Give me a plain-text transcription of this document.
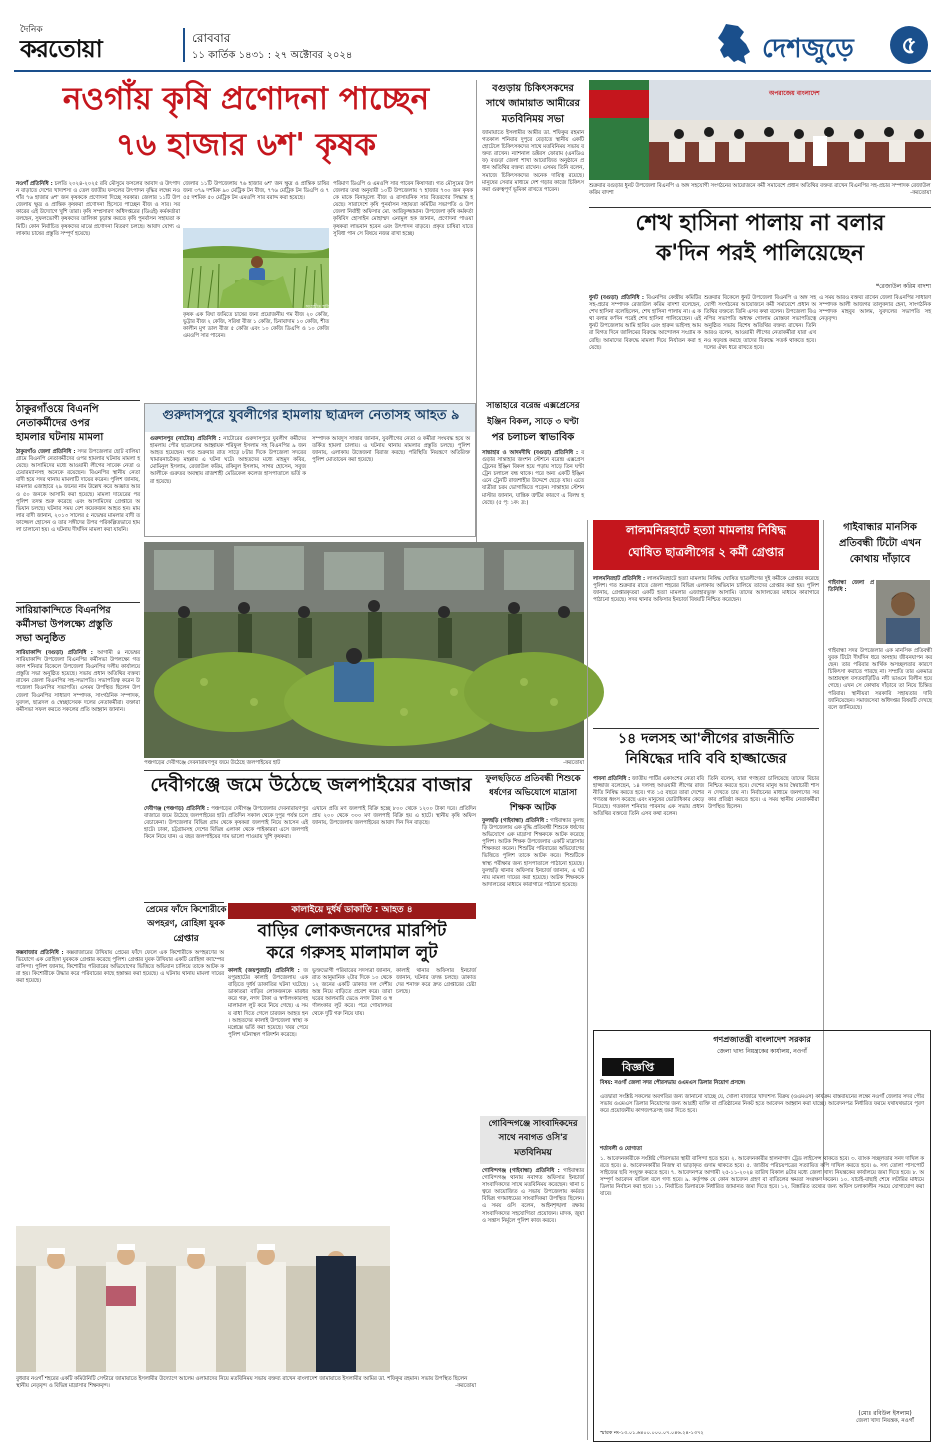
দৈনিক
করতোয়া	রোববার
১১ কার্তিক ১৪৩১ : ২৭ অক্টোবর ২০২৪	দেশজুড়ে	৫
নওগাঁয় কৃষি প্রণোদনা পাচ্ছেন
৭৬ হাজার ৬শ' কৃষক
নওগাঁ প্রতিনিধি : চলতি ২০২৪-২০২৫ রবি মৌসুমে ফসলের আবাদ ও উৎপাদন বাড়াতে দেশের খাদ্যশস্য ও তেল জাতীয় ফসলের উৎপাদন বৃদ্ধির লক্ষ্যে নওগাঁর ৭৬ হাজার ৬শ' জন কৃষককে প্রণোদনা দিচ্ছে সরকার। জেলার ১১টি উপজেলায় ক্ষুদ্র ও প্রান্তিক কৃষকরা প্রণোদনা হিসেবে পাচ্ছেন বীজ ও সার। সরকারের এই উদ্যোগে খুশি তারা। কৃষি সম্প্রসারণ অধিদপ্তরের (ডিএই) কর্মকর্তারা বলছেন, সুফলভোগী কৃষকদের তালিকা চূড়ান্ত করতে কৃষি পুনর্বাসন সহায়তা কমিটি। কোন নির্বাচিত কৃষকদের মাঝে প্রণোদনা বিতরণ চলছে। আবাদ যোগ্য এলাকায় চাষের প্রস্তুতি সম্পূর্ণ হয়েছে।
জেলার ১১টি উপজেলায় ৭৬ হাজার ৬শ' জন ক্ষুদ্র ও প্রান্তিক চাষির জন্য ৩৭৯ দশমিক ৯০ মেট্রিক টন বীজ, ৭৭৬ মেট্রিক টন ডিএপি ও ৭৫৫ দশমিক ৫০ মেট্রিক টন এমওপি সার বরাদ্দ করা হয়েছে।
সংগ্রহীত ছবি
কৃষক এক বিঘা জমিতে চাষের জন্য প্রয়োজনীয় গম বীজ ২০ কেজি, ভুট্টার বীজ ২ কেজি, সরিষা বীজ ১ কেজি, চিনাবাদাম ১০ কেজি, শীতকালীন মুগ ডাল বীজ ৫ কেজি এবং ১০ কেজি ডিএপি ও ১০ কেজি এমওপি সার পাবেন।
পরিমাণ ডিএপি ও এমওপি সার পাবেন কিষাণরা। গত মৌসুমের উপজেলার তথ্য অনুযায়ী ১০টি উপজেলায় ৭ হাজার ৭৩০ জন কৃষককে মাকে বিনামূল্যে বীজ ও রাসায়নিক সার বিতরণের সিদ্ধান্ত হয়েছে। সারাদেশে কৃষি পুনর্বাসন সহায়তা কমিটির সভাপতি ও উপজেলা নির্বাহী অফিসার মো. আরিফুজ্জামান। উপজেলা কৃষি কর্মকর্তা কৃষিবিদ হোসাইন মোহাম্মদ এনামুল হক জানান, প্রণোদনা পাওয়া কৃষকরা লাভবান হবেন এবং উৎপাদন বাড়বে। প্রকৃত চাষিরা যাতে সুবিধা পান সে বিষয়ে নজর রাখা হচ্ছে।
বগুড়ায় চিকিৎসকদের
সাথে জামায়াত আমীরের
মতবিনিময় সভা
জামায়াতে ইসলামীর আমীর ডা. শফিকুর রহমান গতকাল শনিবার দুপুরে বেড়াতে স্থানীয় একটি হোটেলে চিকিৎসকদের সাথে মতবিনিময় সভায় বক্তব্য রাখেন। ন্যাশনাল ডক্টরস ফোরাম (এনডিএফ) বগুড়া জেলা শাখা আয়োজিত অনুষ্ঠানে প্রধান অতিথির বক্তব্য রাখেন। এসময় তিনি বলেন, সমাজে চিকিৎসকদের অনেক দায়িত্ব রয়েছে। মানুষের সেবার মাধ্যমে দেশ গড়ার কাজে চিকিৎসকরা গুরুত্বপূর্ণ ভূমিকা রাখতে পারেন।
অপরাজেয় বাংলাদেশ
শুক্রবার বগুড়ার ধুনট উপজেলা বিএনপি ও অঙ্গ সহযোগী সংগঠনের আয়োজনে কর্মী সমাবেশে প্রধান অতিথির বক্তব্য রাখেন বিএনপির সহ-প্রচার সম্পাদক রেজাউল করিম বাদশা	-করতোয়া
শেখ হাসিনা পালায় না বলার
ক'দিন পরই পালিয়েছেন
❝রেজাউল করিম বাদশা
ধুনট (বগুড়া) প্রতিনিধি : বিএনপির কেন্দ্রীয় কমিটির সহ-প্রচার সম্পাদক রেজাউল করিম বাদশা বলেছেন, শেখ হাসিনা বলেছিলেন, শেখ হাসিনা পালায় না। এ কথা বলার ক'দিন পরেই শেখ হাসিনা পালিয়েছেন। এই ধুনট উপজেলায় আমি হাবিব এবং হারুন ভাইসহ আমরা বিগত দিনে জালিমের বিরুদ্ধে আন্দোলন সংগ্রাম করেছি। আমাদের বিরুদ্ধে মামলা দিয়ে নির্যাতন করা হয়েছে।
শুক্রবার বিকেলে ধুনট উপজেলা বিএনপি ও অঙ্গ সহযোগী সংগঠনের আয়োজনে কর্মী সমাবেশে প্রধান অতিথির বক্তব্যে তিনি এসব কথা বলেন। উপজেলা বিএনপির সভাপতি অধ্যক্ষ গোলাম মোস্তফা সভাপতিত্বে অনুষ্ঠিত সভায় বিশেষ অতিথির বক্তব্য রাখেন। তিনি আরও বলেন, আওয়ামী লীগের নেতাকর্মীরা যারা এখনও ষড়যন্ত্র করছে তাদের বিরুদ্ধে সতর্ক থাকতে হবে। দলের ঐক্য ধরে রাখতে হবে।
এ সময় আরও বক্তব্য রাখেন জেলা বিএনপির সাধারণ সম্পাদক আলী আজগর তালুকদার হেনা, সাংগঠনিক সম্পাদক মাহবুব আলম, যুবদলের সভাপতি সহ নেতৃবৃন্দ।
ঠাকুরগাঁওয়ে বিএনপি
নেতাকর্মীদের ওপর
হামলার ঘটনায় মামলা
ঠাকুরগাঁও জেলা প্রতিনিধি : সদর উপজেলার ছোট বালিয়া গ্রামে বিএনপি নেতাকর্মীদের ওপর হামলার ঘটনায় মামলা হয়েছে। আসামিদের মধ্যে আওয়ামী লীগের সাবেক নেতা ও চেয়ারম্যানসহ অনেকে রয়েছেন। বিএনপির স্থানীয় নেতা বাদী হয়ে সদর থানায় মামলাটি দায়ের করেন। পুলিশ জানায়, মামলার এজাহারে ২৯ জনের নাম উল্লেখ করে অজ্ঞাত আরও ৫০ জনকে আসামি করা হয়েছে। মামলা দায়েরের পর পুলিশ তদন্ত শুরু করেছে এবং আসামিদের গ্রেপ্তারে অভিযান চলছে। ঘটনার সময় বেশ কয়েকজন আহত হন। মামলার বাদী জানান, ২০১৩ সালের ৫ নভেম্বর মামলার বাদী তফাজ্জেল হোসেন ও তার সঙ্গীদের উপর পরিকল্পিতভাবে হামলা চালানো হয়। এ ঘটনায় দীর্ঘদিন মামলা করা যায়নি।
সারিয়াকান্দিতে বিএনপির
কর্মীসভা উপলক্ষ্যে প্রস্তুতি
সভা অনুষ্ঠিত
সারিয়াকান্দি (বগুড়া) প্রতিনিধি : আগামী ৪ নভেম্বর সারিয়াকান্দি উপজেলা বিএনপির কর্মীসভা উপলক্ষ্যে গতকাল শনিবার বিকেলে উপজেলা বিএনপির দলীয় কার্যালয়ে প্রস্তুতি সভা অনুষ্ঠিত হয়েছে। সভায় প্রধান অতিথির বক্তব্য রাখেন জেলা বিএনপির সহ-সভাপতি। সভাপতিত্ব করেন উপজেলা বিএনপির সভাপতি। এসময় উপস্থিত ছিলেন উপজেলা বিএনপির সাধারণ সম্পাদক, সাংগঠনিক সম্পাদক, যুবদল, ছাত্রদল ও স্বেচ্ছাসেবক দলের নেতাকর্মীরা। বক্তারা কর্মীসভা সফল করতে সকলের প্রতি আহ্বান জানান।
গুরুদাসপুরে যুবলীগের হামলায় ছাত্রদল নেতাসহ আহত ৯
গুরুদাসপুর (নাটোর) প্রতিনিধি : নাটোরের গুরুদাসপুরে যুবলীগ কর্মীদের হামলায় পৌর ছাত্রদলের আহ্বায়ক শরিফুল ইসলাম সহ বিএনপির ৯ জন আহত হয়েছেন। গত শুক্রবার রাত সাড়ে ৮টার দিকে উপজেলা সদরের খামারনাচকৈড় মহল্লায় এ ঘটনা ঘটে। আহতদের মধ্যে মাহমুদ কবির, মোমিনুল ইসলাম, রেজাউল করিম, রকিবুল ইসলাম, সাগর হোসেন, সবুজ আলীকে গুরুতর অবস্থায় রাজশাহী মেডিকেল কলেজ হাসপাতালে ভর্তি করা হয়েছে।
সম্পাদক আবদুস সাত্তার জানান, যুবলীগের নেতা ও কর্মীরা সংঘবদ্ধ হয়ে অতর্কিত হামলা চালায়। এ ঘটনায় থানায় মামলার প্রস্তুতি চলছে। পুলিশ জানায়, এলাকায় উত্তেজনা বিরাজ করছে। পরিস্থিতি নিয়ন্ত্রণে অতিরিক্ত পুলিশ মোতায়েন করা হয়েছে।
সান্তাহারে বরেন্দ্র এক্সপ্রেসের
ইঞ্জিন বিকল, সাড়ে ৩ ঘণ্টা
পর চলাচল স্বাভাবিক
সান্তাহার ও আদমদীঘি (বগুড়া) প্রতিনিধি : বগুড়ার সান্তাহার জংশন স্টেশনে বরেন্দ্র এক্সপ্রেস ট্রেনের ইঞ্জিন বিকল হয়ে পড়ায় সাড়ে তিন ঘণ্টা ট্রেন চলাচল বন্ধ থাকে। পরে অন্য একটি ইঞ্জিন এনে ট্রেনটি রাজশাহীর উদ্দেশে ছেড়ে যায়। এতে যাত্রীরা চরম ভোগান্তিতে পড়েন। সান্তাহার স্টেশন মাস্টার জানান, যান্ত্রিক ত্রুটির কারণে এ বিলম্ব হয়েছে। (৫ পৃ: ১ক: দ্র:)
পঞ্চগড়ের দেবীগঞ্জে দেবনারায়ণপুর জমে উঠেছে জলপাইয়ের হাট	-করতোয়া
দেবীগঞ্জে জমে উঠেছে জলপাইয়ের বাজার
দেবীগঞ্জ (পঞ্চগড়) প্রতিনিধি : পঞ্চগড়ের দেবীগঞ্জ উপজেলার দেবনারায়ণপুর বাজারে জমে উঠেছে জলপাইয়ের হাট। প্রতিদিন সকাল থেকে দুপুর পর্যন্ত চলে বেচাকেনা। উপজেলার বিভিন্ন গ্রাম থেকে কৃষকরা জলপাই নিয়ে আসেন এই হাটে। ঢাকা, চট্টগ্রামসহ দেশের বিভিন্ন এলাকা থেকে পাইকাররা এসে জলপাই কিনে নিয়ে যান। এ বছর জলপাইয়ের দাম ভালো পাওয়ায় খুশি কৃষকরা।
এখানে প্রতি মণ জলপাই বিক্রি হচ্ছে ৮০০ থেকে ১২০০ টাকা দরে। প্রতিদিন প্রায় ২০০ থেকে ৩০০ মণ জলপাই বিক্রি হয় এ হাটে। স্থানীয় কৃষি অফিস জানায়, উপজেলায় জলপাইয়ের আবাদ দিন দিন বাড়ছে।
প্রেমের ফাঁদে কিশোরীকে
অপহরণ, রোহিঙ্গা যুবক
গ্রেপ্তার
কক্সবাজার প্রতিনিধি : কক্সবাজারের উখিয়ায় প্রেমের ফাঁদে ফেলে এক কিশোরীকে অপহরণের অভিযোগে এক রোহিঙ্গা যুবককে গ্রেপ্তার করেছে পুলিশ। গ্রেপ্তার যুবক উখিয়ার একটি রোহিঙ্গা ক্যাম্পের বাসিন্দা। পুলিশ জানায়, কিশোরীর পরিবারের অভিযোগের ভিত্তিতে অভিযান চালিয়ে তাকে আটক করা হয়। কিশোরীকে উদ্ধার করে পরিবারের কাছে হস্তান্তর করা হয়েছে। এ ঘটনায় থানায় মামলা দায়ের করা হয়েছে।
কালাইয়ে দুর্ধর্ষ ডাকাতি : আহত ৪
বাড়ির লোকজনদের মারপিট
করে গরুসহ মালামাল লুট
কালাই (জয়পুরহাট) প্রতিনিধি : জয়পুরহাটের কালাই উপজেলায় এক বাড়িতে দুর্ধর্ষ ডাকাতির ঘটনা ঘটেছে। ডাকাতরা বাড়ির লোকজনকে মারধর করে গরু, নগদ টাকা ও স্বর্ণালংকারসহ মালামাল লুট করে নিয়ে গেছে। এ সময় বাধা দিতে গেলে চারজন আহত হন। আহতদের কালাই উপজেলা স্বাস্থ্য কমপ্লেক্সে ভর্তি করা হয়েছে। খবর পেয়ে পুলিশ ঘটনাস্থল পরিদর্শন করেছে।
ভুক্তভোগী পরিবারের সদস্যরা জানান, রাত আনুমানিক ২টার দিকে ১০ থেকে ১২ জনের একটি ডাকাত দল দেশীয় অস্ত্র নিয়ে বাড়িতে প্রবেশ করে। তারা ঘরের আলমারি ভেঙে নগদ টাকা ও স্বর্ণালংকার লুট করে। পরে গোয়ালঘর থেকে দুটি গরু নিয়ে যায়।
কালাই থানার অফিসার ইনচার্জ জানান, ঘটনার তদন্ত চলছে। ডাকাতদের শনাক্ত করে দ্রুত গ্রেপ্তারের চেষ্টা চলছে।
ফুলছড়িতে প্রতিবন্ধী শিশুকে
ধর্ষণের অভিযোগে মাদ্রাসা
শিক্ষক আটক
ফুলছড়ি (গাইবান্ধা) প্রতিনিধি : গাইবান্ধার ফুলছড়ি উপজেলায় এক বুদ্ধি প্রতিবন্ধী শিশুকে ধর্ষণের অভিযোগে এক মাদ্রাসা শিক্ষককে আটক করেছে পুলিশ। আটক শিক্ষক উপজেলার একটি মাদ্রাসায় শিক্ষকতা করেন। শিশুটির পরিবারের অভিযোগের ভিত্তিতে পুলিশ তাকে আটক করে। শিশুটিকে স্বাস্থ্য পরীক্ষার জন্য হাসপাতালে পাঠানো হয়েছে। ফুলছড়ি থানার অফিসার ইনচার্জ জানান, এ ঘটনায় মামলা দায়ের করা হয়েছে। আটক শিক্ষককে আদালতের মাধ্যমে কারাগারে পাঠানো হয়েছে।
গোবিন্দগঞ্জে সাংবাদিকদের
সাথে নবাগত ওসি'র
মতবিনিময়
গোবিন্দগঞ্জ (গাইবান্ধা) প্রতিনিধি : গাইবান্ধার গোবিন্দগঞ্জ থানায় নবাগত অফিসার ইনচার্জ সাংবাদিকদের সাথে মতবিনিময় করেছেন। থানা চত্বরে আয়োজিত এ সভায় উপজেলায় কর্মরত বিভিন্ন গণমাধ্যমের সাংবাদিকরা উপস্থিত ছিলেন। এ সময় ওসি বলেন, আইনশৃঙ্খলা রক্ষায় সাংবাদিকদের সহযোগিতা প্রয়োজন। মাদক, জুয়া ও সন্ত্রাস নির্মূলে পুলিশ কাজ করবে।
বুধবার নওগাঁ শহরের একটি কমিউনিটি সেন্টারে জামায়াতে ইসলামীর উদ্যোগে আলেম ওলামাদের নিয়ে মতবিনিময় সভায় বক্তব্য রাখেন বাংলাদেশ জামায়াতে ইসলামীর আমির ডা. শফিকুর রহমান। সভায় উপস্থিত ছিলেন স্থানীয় নেতৃবৃন্দ ও বিভিন্ন মাদ্রাসার শিক্ষকবৃন্দ।	-করতোয়া
লালমনিরহাটে হত্যা মামলায় নিষিদ্ধ
ঘোষিত ছাত্রলীগের ২ কর্মী গ্রেপ্তার
লালমনিরহাট প্রতিনিধি : লালমনিরহাটে হত্যা মামলায় নিষিদ্ধ ঘোষিত ছাত্রলীগের দুই কর্মীকে গ্রেপ্তার করেছে পুলিশ। গত শুক্রবার রাতে জেলা শহরের বিভিন্ন এলাকায় অভিযান চালিয়ে তাদের গ্রেপ্তার করা হয়। পুলিশ জানায়, গ্রেপ্তারকৃতরা একটি হত্যা মামলার এজাহারভুক্ত আসামি। তাদের আদালতের মাধ্যমে কারাগারে পাঠানো হয়েছে। সদর থানার অফিসার ইনচার্জ বিষয়টি নিশ্চিত করেছেন।
গাইবান্ধার মানসিক
প্রতিবন্ধী টিটো এখন
কোথায় দাঁড়াবে
গাইবান্ধা জেলা প্রতিনিধি :
গাইবান্ধা সদর উপজেলার এক মানসিক প্রতিবন্ধী যুবক টিটো দীর্ঘদিন ধরে অসহায় জীবনযাপন করছেন। তার পরিবার আর্থিক অসচ্ছলতার কারণে চিকিৎসা করাতে পারছে না। সম্প্রতি তার একমাত্র আশ্রয়স্থল বসতবাড়িটিও নদী ভাঙনে বিলীন হয়ে গেছে। এখন সে কোথায় দাঁড়াবে তা নিয়ে চিন্তিত পরিবার। স্থানীয়রা সরকারি সহায়তার দাবি জানিয়েছেন। সমাজসেবা অধিদপ্তর বিষয়টি দেখছে বলে জানিয়েছে।
১৪ দলসহ আ'লীগের রাজনীতি
নিষিদ্ধের দাবি ববি হাজ্জাজের
পাবনা প্রতিনিধি : জাতীয় পার্টির একাংশের নেতা ববি হাজ্জাজ বলেছেন, ১৪ দলসহ আওয়ামী লীগের রাজনীতি নিষিদ্ধ করতে হবে। গত ১৫ বছরে তারা দেশের গণতন্ত্র ধ্বংস করেছে এবং মানুষের ভোটাধিকার কেড়ে নিয়েছে। গতকাল শনিবার পাবনায় এক সভায় প্রধান অতিথির বক্তব্যে তিনি এসব কথা বলেন।
তিনি বলেন, যারা গণহত্যা চালিয়েছে তাদের বিচার নিশ্চিত করতে হবে। দেশের মানুষ আর স্বৈরাচারী শাসন দেখতে চায় না। নির্বাচনের মাধ্যমে জনগণের সরকার প্রতিষ্ঠা করতে হবে। এ সময় স্থানীয় নেতাকর্মীরা উপস্থিত ছিলেন।
গণপ্রজাতন্ত্রী বাংলাদেশ সরকার
জেলা খাদ্য নিয়ন্ত্রকের কার্যালয়, নওগাঁ
বিজ্ঞপ্তি
বিষয়: নওগাঁ জেলা সদর পৌরসভায় ওএমএস ডিলার নিয়োগ প্রসঙ্গে।
এতদ্বারা সংশ্লিষ্ট সকলের অবগতির জন্য জানানো যাচ্ছে যে, খোলা বাজারে খাদ্যশস্য বিক্রয় (ওএমএস) কার্যক্রম বাস্তবায়নের লক্ষ্যে নওগাঁ জেলার সদর পৌরসভায় ওএমএস ডিলার নিয়োগের জন্য আগ্রহী ব্যক্তি বা প্রতিষ্ঠানের নিকট হতে আবেদন আহ্বান করা যাচ্ছে। আবেদনপত্র নির্ধারিত ফরমে যথাযথভাবে পূরণ করে প্রয়োজনীয় কাগজপত্রসহ জমা দিতে হবে।
শর্তাবলী ও যোগ্যতা
১. আবেদনকারীকে সংশ্লিষ্ট পৌরসভার স্থায়ী বাসিন্দা হতে হবে। ২. আবেদনকারীর হালনাগাদ ট্রেড লাইসেন্স থাকতে হবে। ৩. ব্যাংক সচ্ছলতার সনদ দাখিল করতে হবে। ৪. আবেদনকারীর নিজস্ব বা ভাড়াকৃত গুদাম থাকতে হবে। ৫. জাতীয় পরিচয়পত্রের সত্যায়িত কপি দাখিল করতে হবে। ৬. সদ্য তোলা পাসপোর্ট সাইজের ছবি সংযুক্ত করতে হবে। ৭. আবেদনপত্র আগামী ২৫-১১-২০২৪ তারিখ বিকাল ৪টার মধ্যে জেলা খাদ্য নিয়ন্ত্রকের কার্যালয়ে জমা দিতে হবে। ৮. অসম্পূর্ণ আবেদন বাতিল বলে গণ্য হবে। ৯. কর্তৃপক্ষ যে কোন আবেদন গ্রহণ বা বাতিলের ক্ষমতা সংরক্ষণ করেন। ১০. যাচাই-বাছাই শেষে লটারির মাধ্যমে ডিলার নির্বাচন করা হবে। ১১. নির্বাচিত ডিলারকে নির্ধারিত জামানত জমা দিতে হবে। ১২. বিস্তারিত তথ্যের জন্য অফিস চলাকালীন সময়ে যোগাযোগ করা যাবে।
(মোঃ রবিউল ইসলাম)
জেলা খাদ্য নিয়ন্ত্রক, নওগাঁ
স্মারক নং-১৩.০১.৬৪০০.০০০.০৭.০৪৬.২৪-১৩৭২
